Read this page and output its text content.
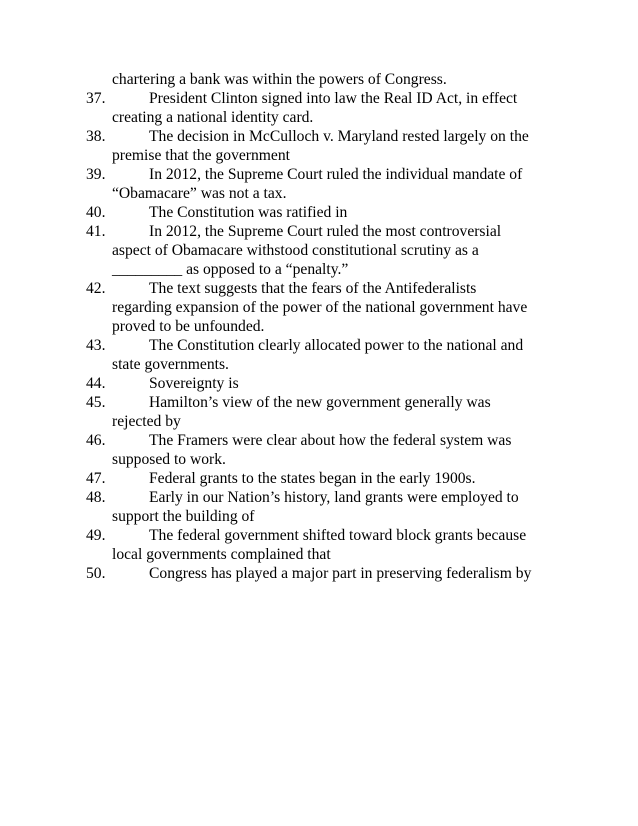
chartering a bank was within the powers of Congress.
37.	President Clinton signed into law the Real ID Act, in effect
creating a national identity card.
38.	The decision in McCulloch v. Maryland rested largely on the
premise that the government
39.	In 2012, the Supreme Court ruled the individual mandate of
“Obamacare” was not a tax.
40.	The Constitution was ratified in
41.	In 2012, the Supreme Court ruled the most controversial
aspect of Obamacare withstood constitutional scrutiny as a
_________ as opposed to a “penalty.”
42.	The text suggests that the fears of the Antifederalists
regarding expansion of the power of the national government have
proved to be unfounded.
43.	The Constitution clearly allocated power to the national and
state governments.
44.	Sovereignty is
45.	Hamilton’s view of the new government generally was
rejected by
46.	The Framers were clear about how the federal system was
supposed to work.
47.	Federal grants to the states began in the early 1900s.
48.	Early in our Nation’s history, land grants were employed to
support the building of
49.	The federal government shifted toward block grants because
local governments complained that
50.	Congress has played a major part in preserving federalism by
